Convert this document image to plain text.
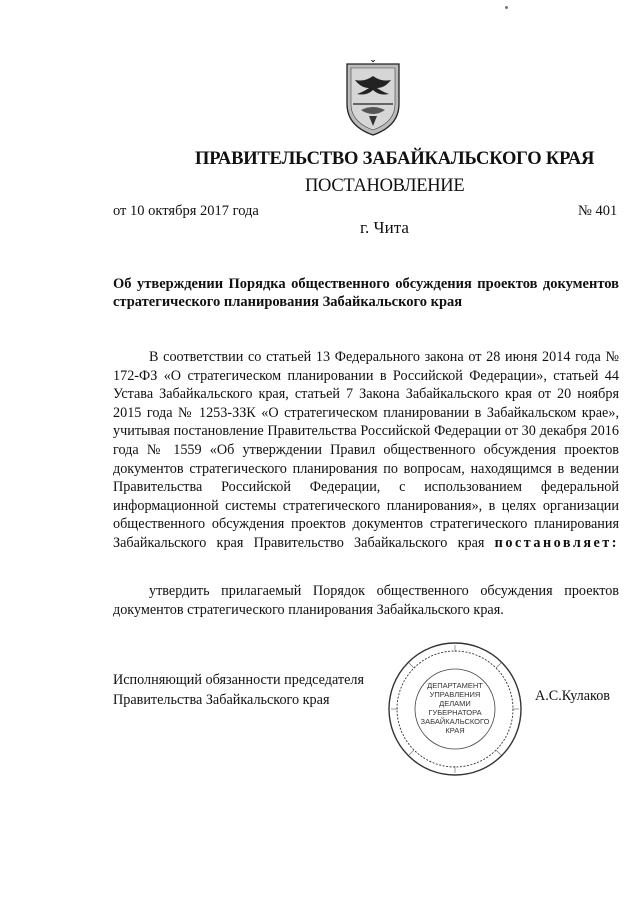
ПРАВИТЕЛЬСТВО ЗАБАЙКАЛЬСКОГО КРАЯ
ПОСТАНОВЛЕНИЕ
от 10 октября 2017 года	№ 401
г. Чита
Об утверждении Порядка общественного обсуждения проектов документов стратегического планирования Забайкальского края
В соответствии со статьей 13 Федерального закона от 28 июня 2014 года № 172-ФЗ «О стратегическом планировании в Российской Федерации», статьей 44 Устава Забайкальского края, статьей 7 Закона Забайкальского края от 20 ноября 2015 года № 1253-ЗЗК «О стратегическом планировании в Забайкальском крае», учитывая постановление Правительства Российской Федерации от 30 декабря 2016 года № 1559 «Об утверждении Правил общественного обсуждения проектов документов стратегического планирования по вопросам, находящимся в ведении Правительства Российской Федерации, с использованием федеральной информационной системы стратегического планирования», в целях организации общественного обсуждения проектов документов стратегического планирования Забайкальского края Правительство Забайкальского края постановляет:
утвердить прилагаемый Порядок общественного обсуждения проектов документов стратегического планирования Забайкальского края.
Исполняющий обязанности председателя
Правительства Забайкальского края
ДЕПАРТАМЕНТ
УПРАВЛЕНИЯ
ДЕЛАМИ
ГУБЕРНАТОРА
ЗАБАЙКАЛЬСКОГО
КРАЯ
А.С.Кулаков
